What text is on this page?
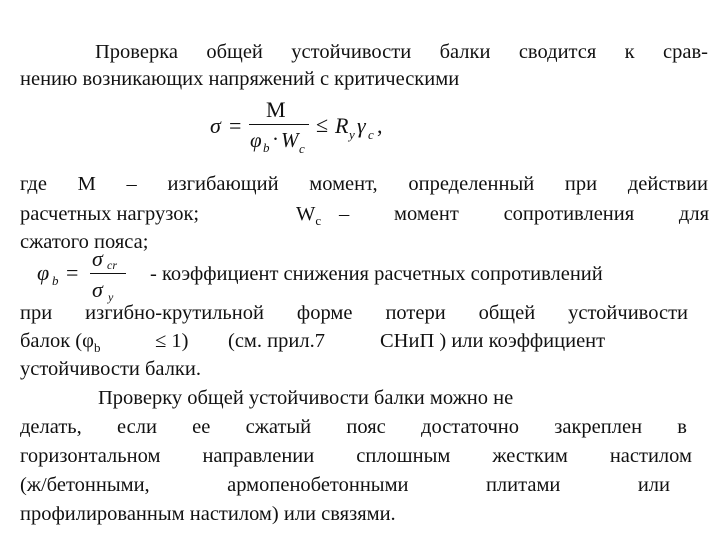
Проверка общей устойчивости балки сводится к срав-
нению возникающих напряжений с критическими
σ =
M
φ b · W c
≤ R y γ c ,
где М – изгибающий момент, определенный при действии
расчетных нагрузок;	$W_c$ – момент сопротивления для
сжатого пояса;
φ b =
σ cr
σ y
- коэффициент снижения расчетных сопротивлений
при изгибно-крутильной форме потери общей устойчивости
балок ($\varphi_b$	≤ 1) (см. прил.7	СНиП ) или коэффициент
устойчивости балки.
Проверку общей устойчивости балки можно не
делать, если ее сжатый пояс достаточно закреплен в
горизонтальном направлении сплошным жестким настилом
(ж/бетонными, армопенобетонными плитами или
профилированным настилом) или связями.
